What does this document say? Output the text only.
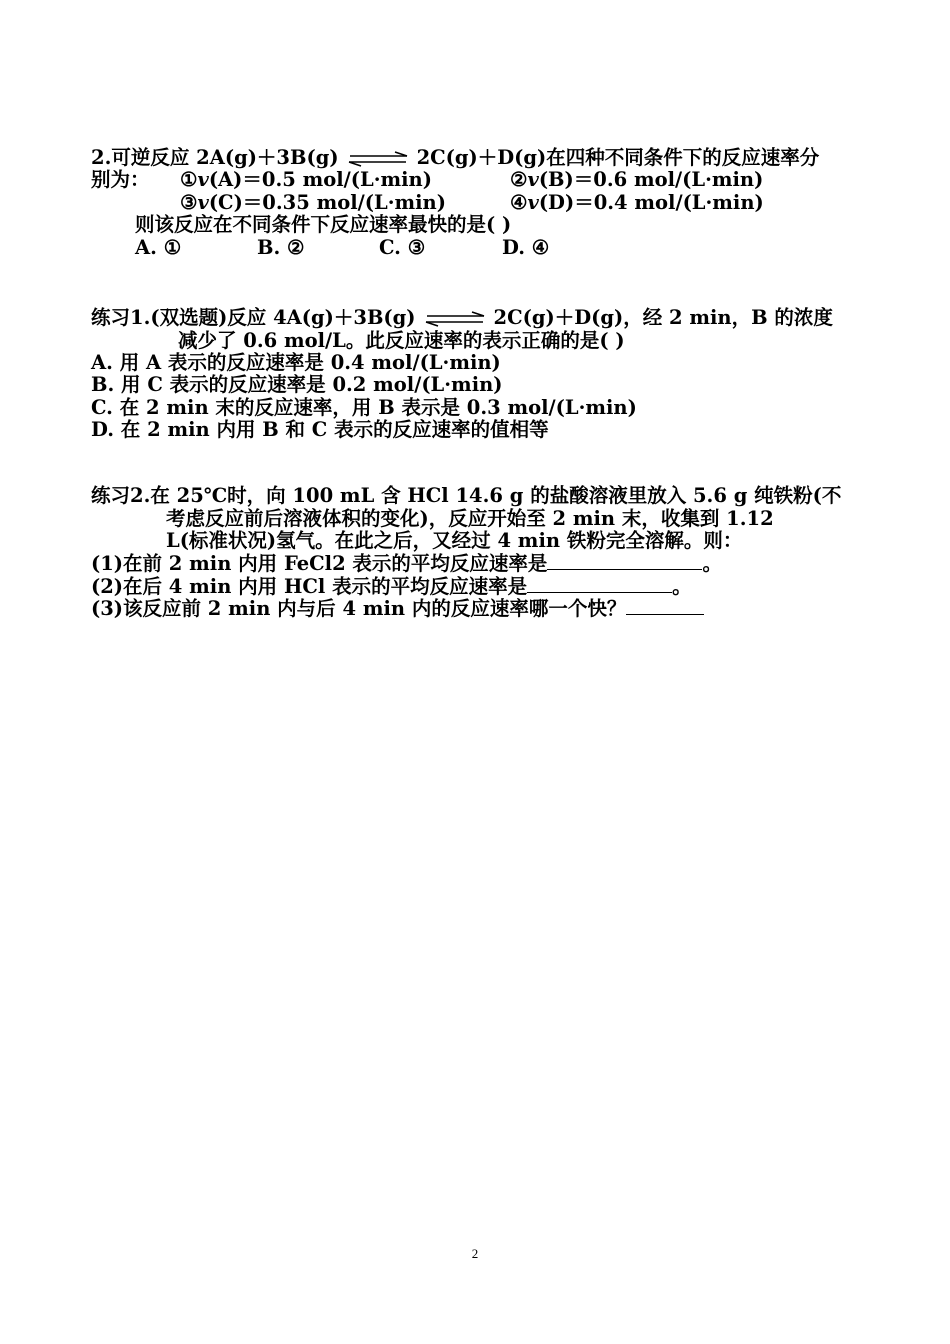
2.可逆反应 2A(g)＋3B(g) ⇌ 2C(g)＋D(g)在四种不同条件下的反应速率分
别为： ①v(A)＝0.5 mol/(L·min)	②v(B)＝0.6 mol/(L·min)
③v(C)＝0.35 mol/(L·min)	④v(D)＝0.4 mol/(L·min)
则该反应在不同条件下反应速率最快的是( )
A. ①	B. ②	C. ③	D. ④
练习1.(双选题)反应 4A(g)＋3B(g) ⇌ 2C(g)＋D(g)，经 2 min，B 的浓度
减少了 0.6 mol/L。此反应速率的表示正确的是( )
A. 用 A 表示的反应速率是 0.4 mol/(L·min)
B. 用 C 表示的反应速率是 0.2 mol/(L·min)
C. 在 2 min 末的反应速率，用 B 表示是 0.3 mol/(L·min)
D. 在 2 min 内用 B 和 C 表示的反应速率的值相等
练习2.在 25℃时，向 100 mL 含 HCl 14.6 g 的盐酸溶液里放入 5.6 g 纯铁粉(不
考虑反应前后溶液体积的变化)，反应开始至 2 min 末，收集到 1.12
L(标准状况)氢气。在此之后，又经过 4 min 铁粉完全溶解。则：
(1)在前 2 min 内用 FeCl2 表示的平均反应速率是	。
(2)在后 4 min 内用 HCl 表示的平均反应速率是	。
(3)该反应前 2 min 内与后 4 min 内的反应速率哪一个快？
2
